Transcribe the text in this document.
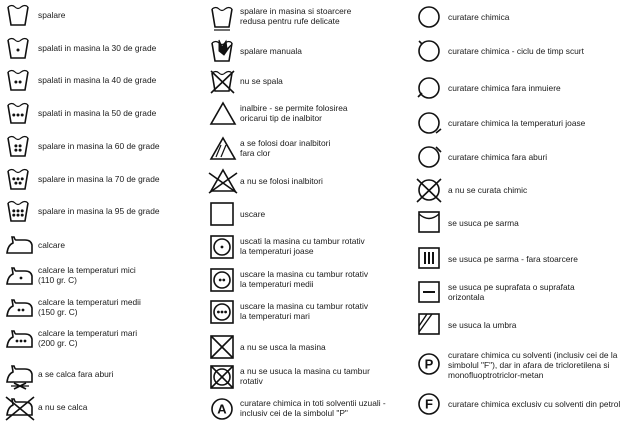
spalare
spalati in masina la 30 de grade
spalati in masina la 40 de grade
spalati in masina la 50 de grade
spalare in masina la 60 de grade
spalare in masina la 70 de grade
spalare in masina la 95 de grade
calcare
calcare la temperaturi mici
(110 gr. C)
calcare la temperaturi medii
(150 gr. C)
calcare la temperaturi mari
(200 gr. C)
a se calca fara aburi
a nu se calca
spalare in masina si stoarcere
redusa pentru rufe delicate
spalare manuala
nu se spala
inalbire - se permite folosirea
oricarui tip de inalbitor
a se folosi doar inalbitori
fara clor
a nu se folosi inalbitori
uscare
uscati la masina cu tambur rotativ
la temperaturi joase
uscare la masina cu tambur rotativ
la temperaturi medii
uscare la masina cu tambur rotativ
la temperaturi mari
a nu se usca la masina
a nu se usuca la masina cu tambur
rotativ
A curatare chimica in toti solventii uzuali -
inclusiv cei de la simbolul "P"
curatare chimica
curatare chimica - ciclu de timp scurt
curatare chimica fara inmuiere
curatare chimica la temperaturi joase
curatare chimica fara aburi
a nu se curata chimic
se usuca pe sarma
se usuca pe sarma - fara stoarcere
se usuca pe suprafata o suprafata
orizontala
se usuca la umbra
P
curatare chimica cu solventi (inclusiv cei de la
simbolul "F"), dar in afara de tricloretilena si
monofluoptrotriclor-metan
F curatare chimica exclusiv cu solventi din petrol
